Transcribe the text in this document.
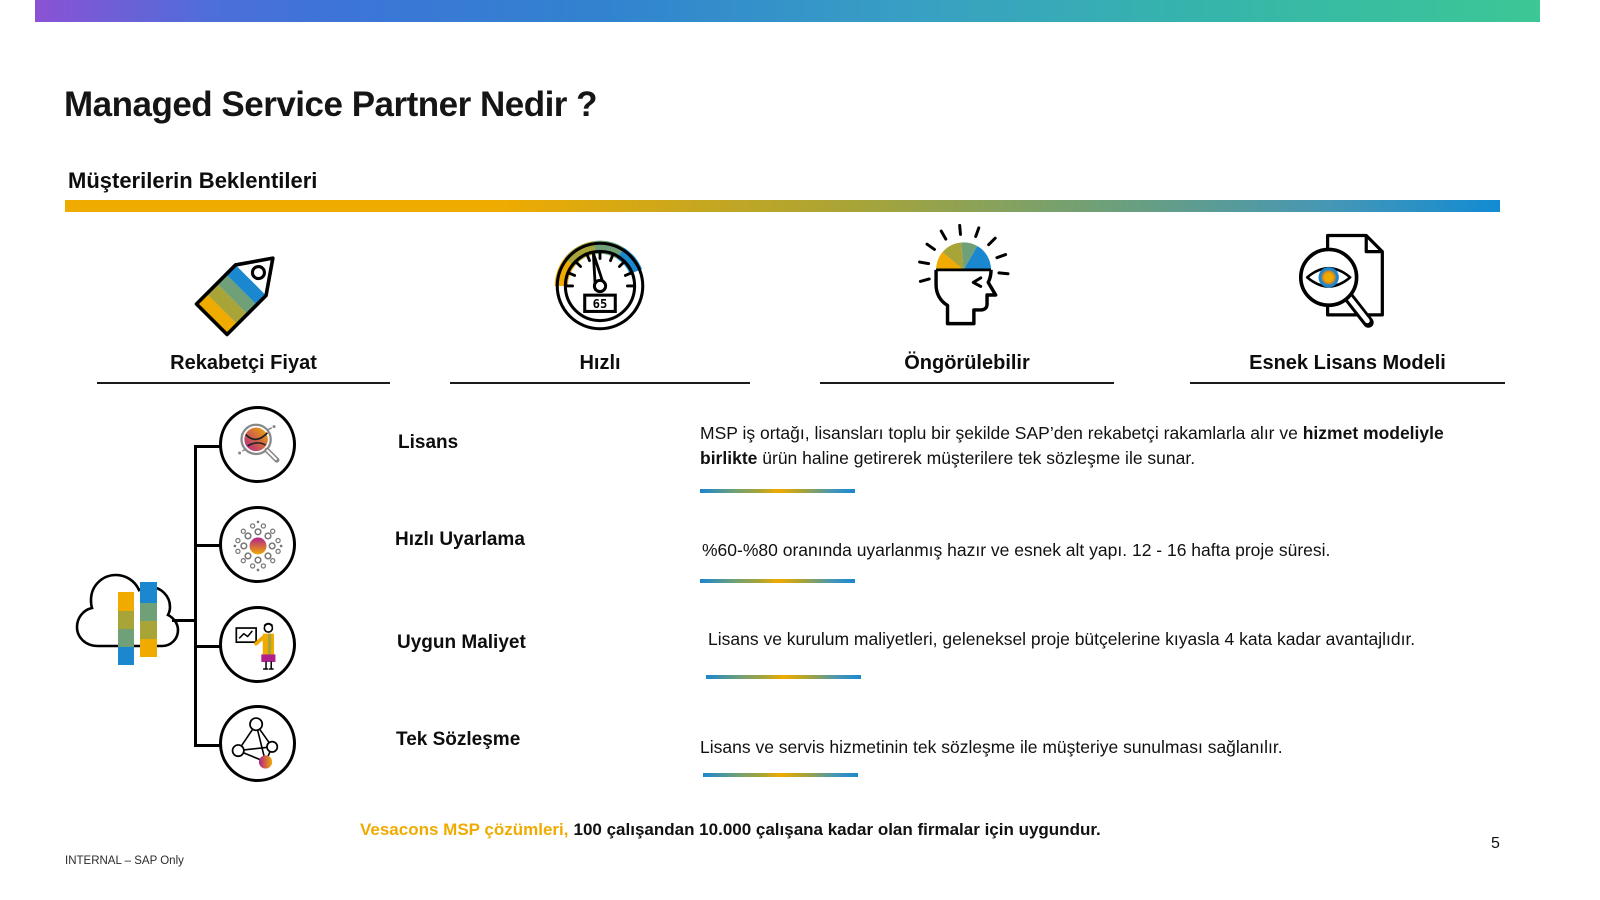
Managed Service Partner Nedir ?
Müşterilerin Beklentileri
Rekabetçi Fiyat
65
Hızlı	Öngörülebilir	Esnek Lisans Modeli
Lisans	MSP iş ortağı, lisansları toplu bir şekilde SAP’den rekabetçi rakamlarla alır ve hizmet modeliyle birlikte ürün haline getirerek müşterilere tek sözleşme ile sunar.
Hızlı Uyarlama	%60-%80 oranında uyarlanmış hazır ve esnek alt yapı. 12 - 16 hafta proje süresi.
Uygun Maliyet	Lisans ve kurulum maliyetleri, geleneksel proje bütçelerine kıyasla 4 kata kadar avantajlıdır.
Tek Sözleşme	Lisans ve servis hizmetinin tek sözleşme ile müşteriye sunulması sağlanılır.
Vesacons MSP çözümleri, 100 çalışandan 10.000 çalışana kadar olan firmalar için uygundur.
INTERNAL – SAP Only
5
